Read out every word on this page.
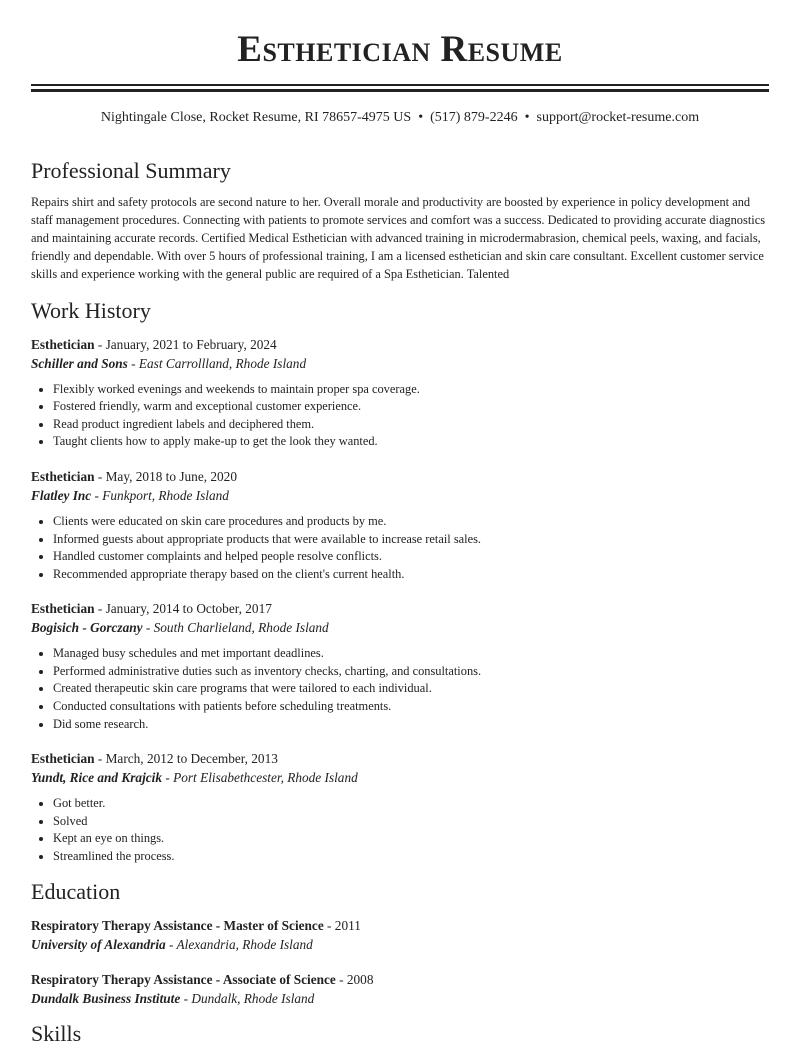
Esthetician Resume
Nightingale Close, Rocket Resume, RI 78657-4975 US • (517) 879-2246 • support@rocket-resume.com
Professional Summary
Repairs shirt and safety protocols are second nature to her. Overall morale and productivity are boosted by experience in policy development and staff management procedures. Connecting with patients to promote services and comfort was a success. Dedicated to providing accurate diagnostics and maintaining accurate records. Certified Medical Esthetician with advanced training in microdermabrasion, chemical peels, waxing, and facials, friendly and dependable. With over 5 hours of professional training, I am a licensed esthetician and skin care consultant. Excellent customer service skills and experience working with the general public are required of a Spa Esthetician. Talented
Work History
Esthetician - January, 2021 to February, 2024
Schiller and Sons - East Carrollland, Rhode Island
• Flexibly worked evenings and weekends to maintain proper spa coverage.
• Fostered friendly, warm and exceptional customer experience.
• Read product ingredient labels and deciphered them.
• Taught clients how to apply make-up to get the look they wanted.
Esthetician - May, 2018 to June, 2020
Flatley Inc - Funkport, Rhode Island
• Clients were educated on skin care procedures and products by me.
• Informed guests about appropriate products that were available to increase retail sales.
• Handled customer complaints and helped people resolve conflicts.
• Recommended appropriate therapy based on the client's current health.
Esthetician - January, 2014 to October, 2017
Bogisich - Gorczany - South Charlieland, Rhode Island
• Managed busy schedules and met important deadlines.
• Performed administrative duties such as inventory checks, charting, and consultations.
• Created therapeutic skin care programs that were tailored to each individual.
• Conducted consultations with patients before scheduling treatments.
• Did some research.
Esthetician - March, 2012 to December, 2013
Yundt, Rice and Krajcik - Port Elisabethcester, Rhode Island
• Got better.
• Solved
• Kept an eye on things.
• Streamlined the process.
Education
Respiratory Therapy Assistance - Master of Science - 2011
University of Alexandria - Alexandria, Rhode Island
Respiratory Therapy Assistance - Associate of Science - 2008
Dundalk Business Institute - Dundalk, Rhode Island
Skills
